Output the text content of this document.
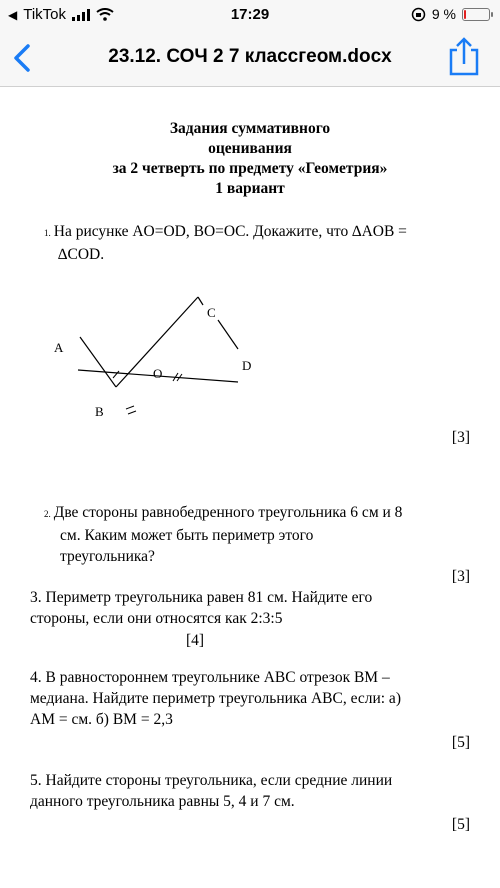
◀ TikTok	17:29	9 %
23.12. СОЧ 2 7 классгеом.docx
Задания суммативного
оценивания
за 2 четверть по предмету «Геометрия»
1 вариант
1. На рисунке AO=OD, BO=OC. Докажите, что ∆AOB =
∆COD.
A
B
C
D
O
[3]
2. Две стороны равнобедренного треугольника 6 см и 8
см. Каким может быть периметр этого
треугольника?
[3]
3. Периметр треугольника равен 81 см. Найдите его
стороны, если они относятся как 2:3:5
[4]
4. В равностороннем треугольнике ABC отрезок BM –
медиана. Найдите периметр треугольника ABC, если: а)
AM = см. б) BM = 2,3
[5]
5. Найдите стороны треугольника, если средние линии
данного треугольника равны 5, 4 и 7 см.
[5]
